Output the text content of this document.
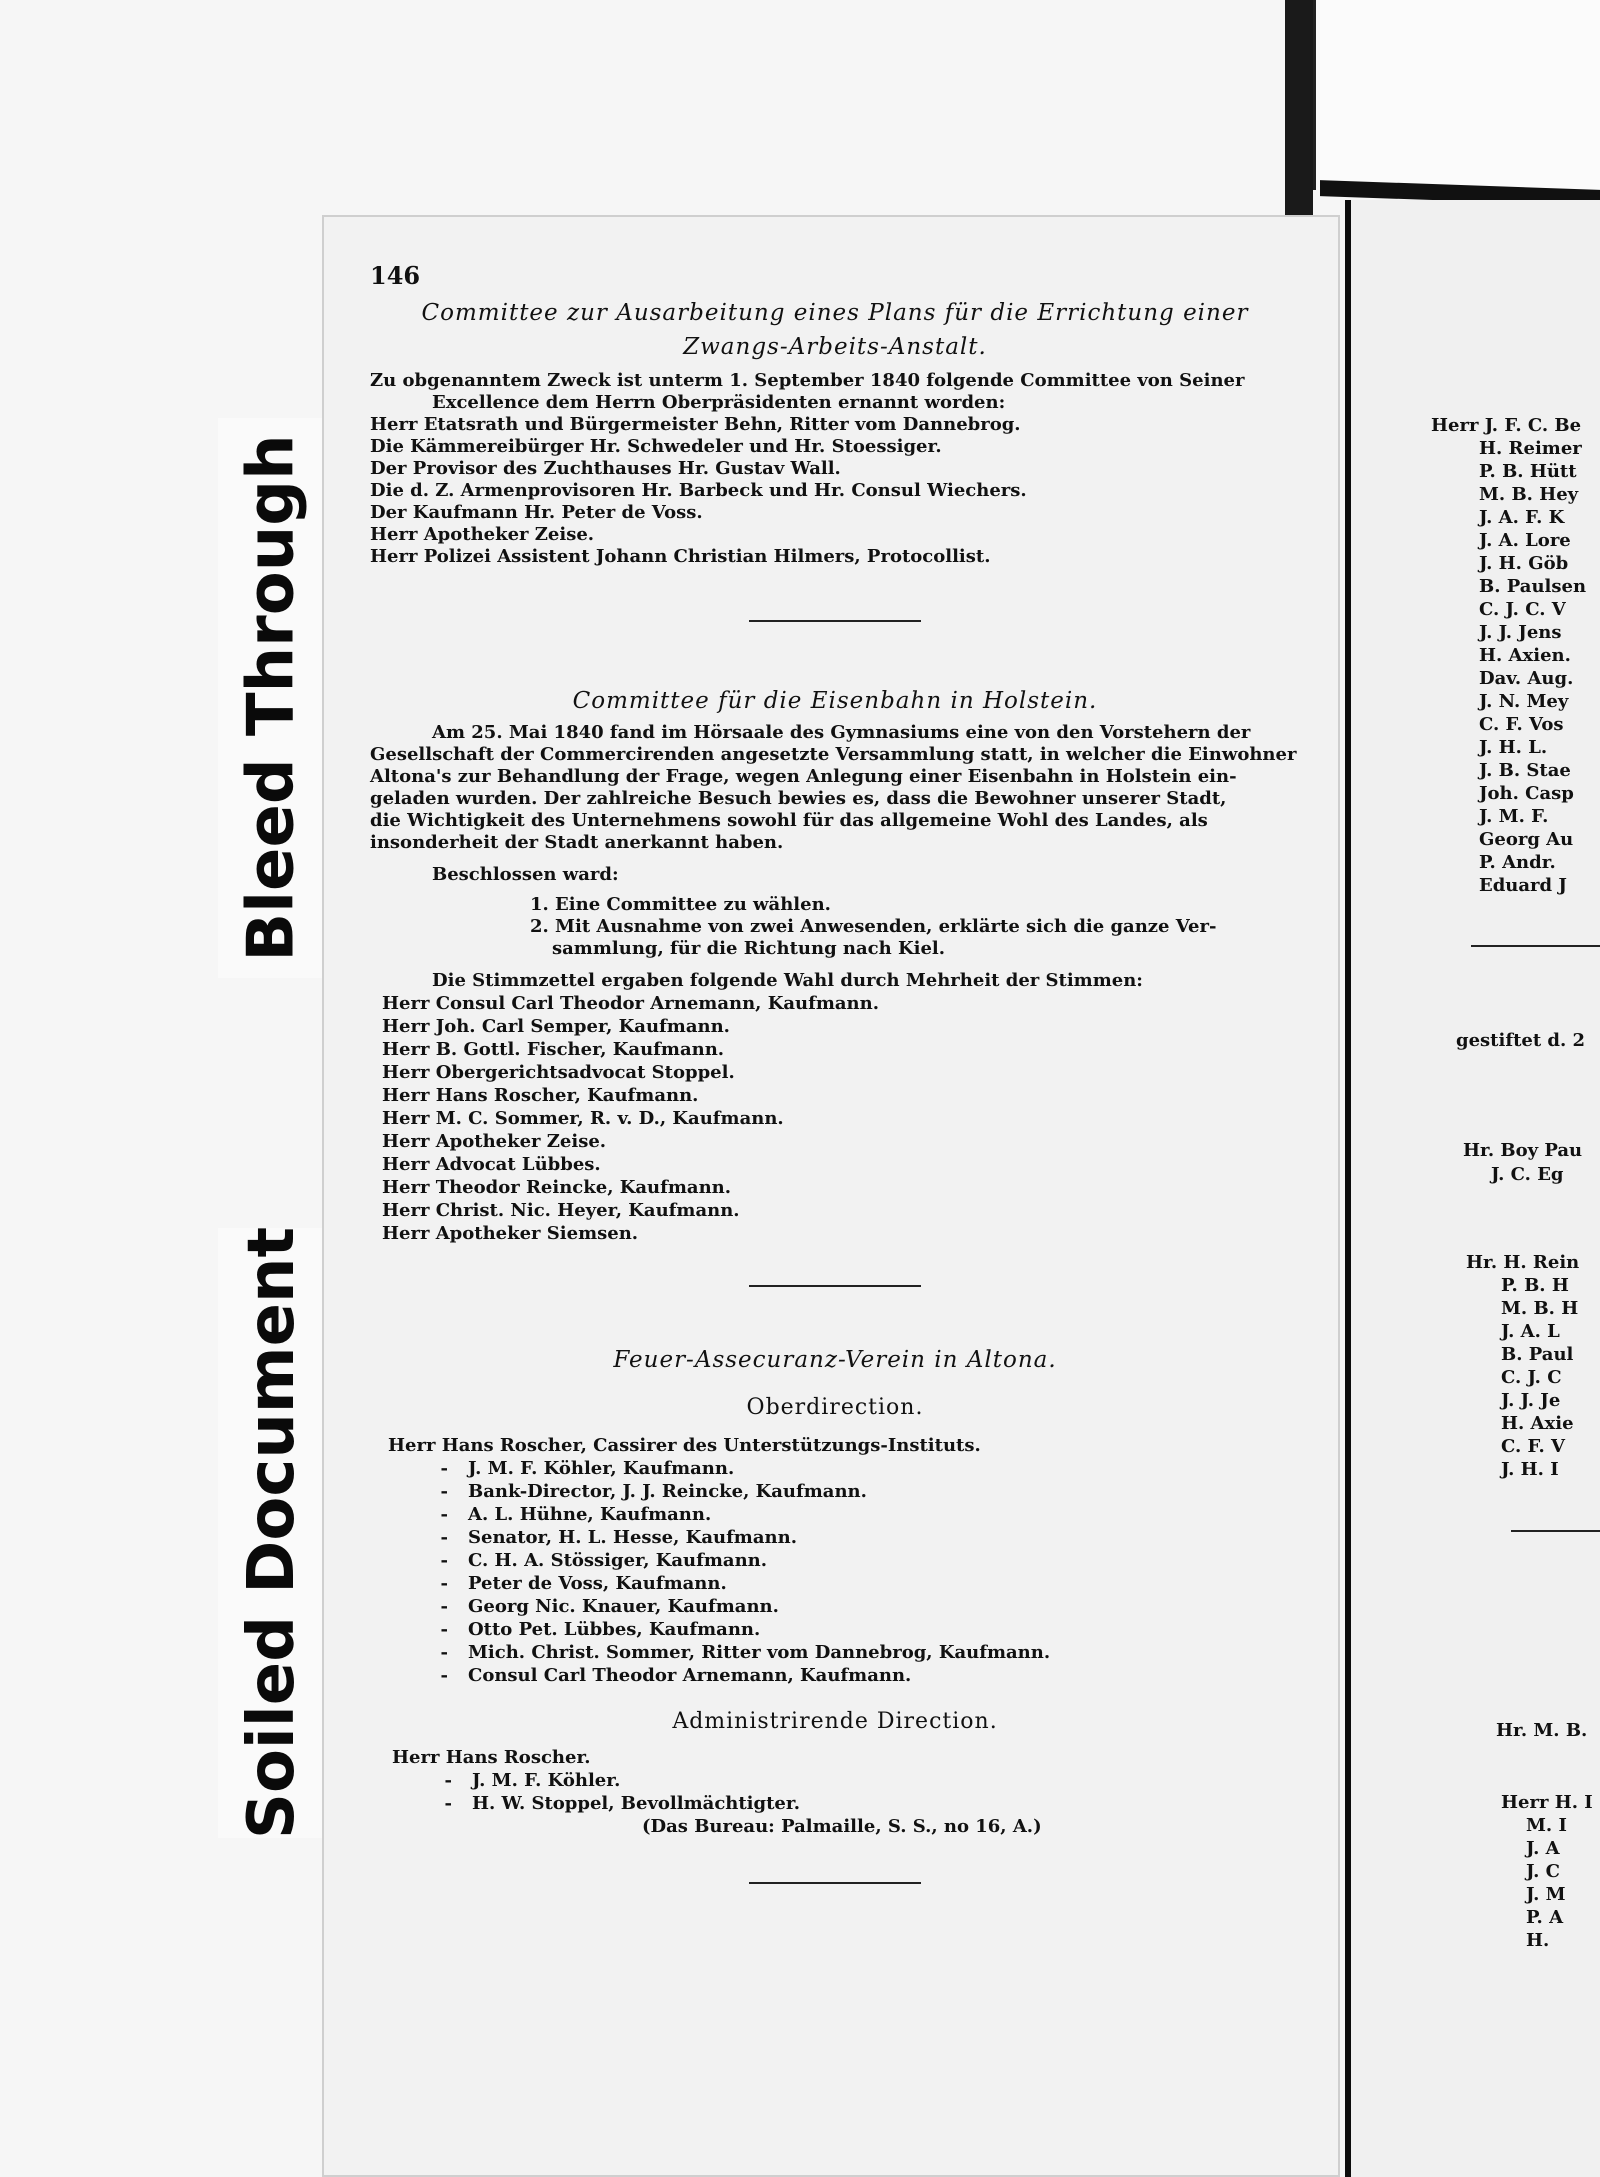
Bleed Through
Soiled Document
146
Committee zur Ausarbeitung eines Plans für die Errichtung einer
Zwangs-Arbeits-Anstalt.
Zu obgenanntem Zweck ist unterm 1. September 1840 folgende Committee von Seiner
Excellence dem Herrn Oberpräsidenten ernannt worden:
Herr Etatsrath und Bürgermeister Behn, Ritter vom Dannebrog.
Die Kämmereibürger Hr. Schwedeler und Hr. Stoessiger.
Der Provisor des Zuchthauses Hr. Gustav Wall.
Die d. Z. Armenprovisoren Hr. Barbeck und Hr. Consul Wiechers.
Der Kaufmann Hr. Peter de Voss.
Herr Apotheker Zeise.
Herr Polizei Assistent Johann Christian Hilmers, Protocollist.
Committee für die Eisenbahn in Holstein.
Am 25. Mai 1840 fand im Hörsaale des Gymnasiums eine von den Vorstehern der
Gesellschaft der Commercirenden angesetzte Versammlung statt, in welcher die Einwohner
Altona's zur Behandlung der Frage, wegen Anlegung einer Eisenbahn in Holstein ein-
geladen wurden. Der zahlreiche Besuch bewies es, dass die Bewohner unserer Stadt,
die Wichtigkeit des Unternehmens sowohl für das allgemeine Wohl des Landes, als
insonderheit der Stadt anerkannt haben.
Beschlossen ward:
1. Eine Committee zu wählen.
2. Mit Ausnahme von zwei Anwesenden, erklärte sich die ganze Ver-
sammlung, für die Richtung nach Kiel.
Die Stimmzettel ergaben folgende Wahl durch Mehrheit der Stimmen:
Herr Consul Carl Theodor Arnemann, Kaufmann.
Herr Joh. Carl Semper, Kaufmann.
Herr B. Gottl. Fischer, Kaufmann.
Herr Obergerichtsadvocat Stoppel.
Herr Hans Roscher, Kaufmann.
Herr M. C. Sommer, R. v. D., Kaufmann.
Herr Apotheker Zeise.
Herr Advocat Lübbes.
Herr Theodor Reincke, Kaufmann.
Herr Christ. Nic. Heyer, Kaufmann.
Herr Apotheker Siemsen.
Feuer-Assecuranz-Verein in Altona.
Oberdirection.
Herr Hans Roscher, Cassirer des Unterstützungs-Instituts.
- J. M. F. Köhler, Kaufmann.
- Bank-Director, J. J. Reincke, Kaufmann.
- A. L. Hühne, Kaufmann.
- Senator, H. L. Hesse, Kaufmann.
- C. H. A. Stössiger, Kaufmann.
- Peter de Voss, Kaufmann.
- Georg Nic. Knauer, Kaufmann.
- Otto Pet. Lübbes, Kaufmann.
- Mich. Christ. Sommer, Ritter vom Dannebrog, Kaufmann.
- Consul Carl Theodor Arnemann, Kaufmann.
Administrirende Direction.
Herr Hans Roscher.
- J. M. F. Köhler.
- H. W. Stoppel, Bevollmächtigter.
(Das Bureau: Palmaille, S. S., no 16, A.)
Herr J. F. C. Be
H. Reimer
P. B. Hütt
M. B. Hey
J. A. F. K
J. A. Lore
J. H. Göb
B. Paulsen
C. J. C. V
J. J. Jens
H. Axien.
Dav. Aug.
J. N. Mey
C. F. Vos
J. H. L.
J. B. Stae
Joh. Casp
J. M. F.
Georg Au
P. Andr.
Eduard J
gestiftet d. 2
Hr. Boy Pau
J. C. Eg
Hr. H. Rein
P. B. H
M. B. H
J. A. L
B. Paul
C. J. C
J. J. Je
H. Axie
C. F. V
J. H. I
Hr. M. B.
Herr H. I
M. I
J. A
J. C
J. M
P. A
H.
